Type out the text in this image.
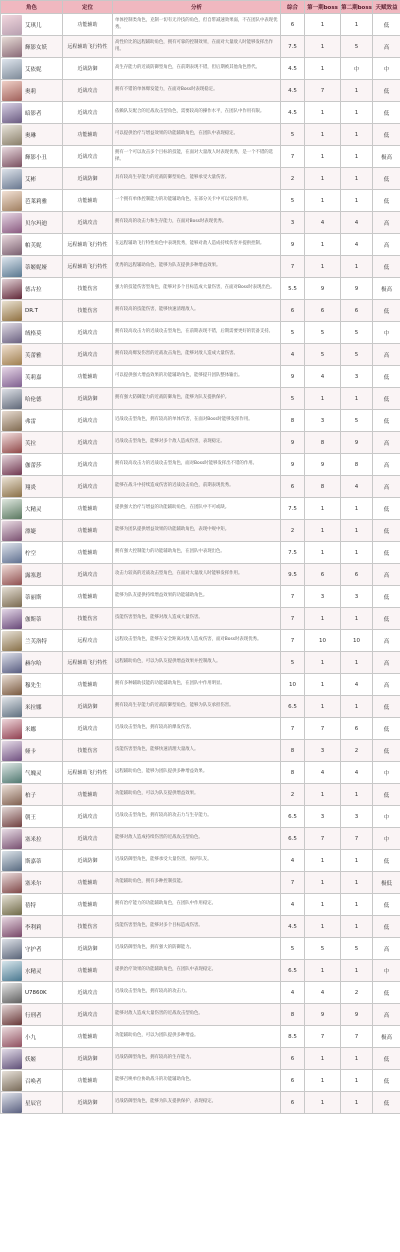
角色	定位	分析	综合	第一期boss	第二期boss	天赋效益

艾琪儿	功能辅助	单体控制类角色，克制一切有无冷技的角色，但自带减速效果弱，不在团队中表现优秀。	6	1	1	低

輝影女妖	远程辅助飞行特性	高性价比的远程辅助角色，拥有可靠的控制效果，在面对大量敌人时能够发挥出作用。	7.5	1	5	高

艾依妮	近战防御	高生存能力的近战防御型角色，在前期表现不错，但后期被其他角色替代。	4.5	1	中	中

奥莉	近战攻击	拥有不错的单体爆发能力，在面对Boss时表现稳定。	4.5	7	1	低

暗影者	近战攻击	依赖队友配合的近战攻击型角色，需要较高的操作水平，在团队中作用有限。	4.5	1	1	低

奥琳	功能辅助	可以提供治疗与增益效果的功能辅助角色，在团队中表现稳定。	5	1	1	低

輝影小丑	近战攻击	拥有一个可以攻击多个目标的技能，在面对大量敌人时表现优秀，是一个不错的选择。	7	1	1	极高

艾彬	近战防御	具有较高生存能力的近战防御型角色，能够承受大量伤害。	2	1	1	低

芭莱莉雅	功能辅助	一个拥有单体控制能力的功能辅助角色，在部分关卡中可以发挥作用。	5	1	1	低

贝尔玛迪	近战攻击	拥有较高的攻击力和生存能力，在面对Boss时表现优秀。	3	4	4	高

帕芙妮	远程辅助飞行特性	在远程辅助飞行特性角色中表现优秀，能够对敌人造成持续伤害并提供控制。	9	1	4	高

蒂姬妮娅	远程辅助飞行特性	优秀的远程辅助角色，能够为队友提供多种增益效果。	7	1	1	低

德古拉	技能伤害	强力的技能伤害型角色，能够对多个目标造成大量伤害，在面对Boss时表现出色。	5.5	9	9	极高

DR.T	技能伤害	拥有较高的技能伤害，能够快速清理敌人。	6	6	6	低

绒格莫	近战攻击	拥有较高攻击力的近战攻击型角色，在前期表现不错，后期需要更好的装备支持。	5	5	5	中

芙蕾雅	近战攻击	拥有较高爆发伤害的近战攻击角色，能够对敌人造成大量伤害。	4	5	5	高

芙莉嘉	功能辅助	可以提供强大增益效果的功能辅助角色，能够提升团队整体输出。	9	4	3	低

哈伦德	近战防御	拥有强大防御能力的近战防御角色，能够为队友提供保护。	5	1	1	低

弗雷	近战攻击	近战攻击型角色，拥有较高的单体伤害，在面对Boss时能够发挥作用。	8	3	5	低

芙拉	近战攻击	近战攻击型角色，能够对多个敌人造成伤害，表现稳定。	9	8	9	高

伽蕾莎	近战攻击	拥有较高攻击力的近战攻击型角色，面对Boss时能够发挥出不错的作用。	9	9	8	高

翔炎	近战攻击	能够在战斗中持续造成伤害的近战攻击角色，前期表现优秀。	6	8	4	高

大精灵	功能辅助	提供强大治疗与增益的功能辅助角色，在团队中不可或缺。	7.5	1	1	低

漂婕	功能辅助	能够为团队提供增益效果的功能辅助角色，表现中规中矩。	2	1	1	低

柠空	功能辅助	拥有强大控制能力的功能辅助角色，在团队中表现出色。	7.5	1	1	低

露塞恩	近战攻击	攻击力较高的近战攻击型角色，在面对大量敌人时能够发挥作用。	9.5	6	6	高

蒂丽斯	功能辅助	能够为队友提供持续增益效果的功能辅助角色。	7	3	3	低

伽斯蒂	技能伤害	技能伤害型角色，能够对敌人造成大量伤害。	7	1	1	低

兰芙洛特	远程攻击	远程攻击型角色，能够在安全距离对敌人造成伤害，面对Boss时表现优秀。	7	10	10	高

赫尔哈	远程辅助飞行特性	远程辅助角色，可以为队友提供增益效果并控制敌人。	5	1	1	高

穆先生	功能辅助	拥有多种辅助技能的功能辅助角色，在团队中作用明显。	10	1	4	高

米拉娜	近战防御	拥有较高生存能力的近战防御型角色，能够为队友承担伤害。	6.5	1	1	低

米娜	近战攻击	近战攻击型角色，拥有较高的爆发伤害。	7	7	6	低

娅卡	技能伤害	技能伤害型角色，能够快速清理大量敌人。	8	3	2	低

气魄灵	远程辅助飞行特性	远程辅助角色，能够为团队提供多种增益效果。	8	4	4	中

柏子	功能辅助	功能辅助角色，可以为队友提供增益效果。	2	1	1	低

朝王	近战攻击	近战攻击型角色，拥有较高的攻击力与生存能力。	6.5	3	3	中

塞米拉	近战攻击	能够对敌人造成持续伤害的近战攻击型角色。	6.5	7	7	中

斯嘉蒂	近战防御	近战防御型角色，能够承受大量伤害，保护队友。	4	1	1	低

塞米尔	功能辅助	功能辅助角色，拥有多种控制技能。	7	1	1	极低

蓓特	功能辅助	拥有治疗能力的功能辅助角色，在团队中作用稳定。	4	1	1	低

李利莉	技能伤害	技能伤害型角色，能够对多个目标造成伤害。	4.5	1	1	低

守护者	近战防御	近战防御型角色，拥有强大的防御能力。	5	5	5	高

水精灵	功能辅助	提供治疗效果的功能辅助角色，在团队中表现稳定。	6.5	1	1	中

U7860K	近战攻击	近战攻击型角色，拥有较高的攻击力。	4	4	2	低

行刑者	近战攻击	能够对敌人造成大量伤害的近战攻击型角色。	8	9	9	高

小九	功能辅助	功能辅助角色，可以为团队提供多种增益。	8.5	7	7	极高

妖姬	近战防御	近战防御型角色，拥有较高的生存能力。	6	1	1	低

召唤者	功能辅助	能够召唤单位协助战斗的功能辅助角色。	6	1	1	低

星辰官	近战防御	近战防御型角色，能够为队友提供保护，表现稳定。	6	1	1	低
